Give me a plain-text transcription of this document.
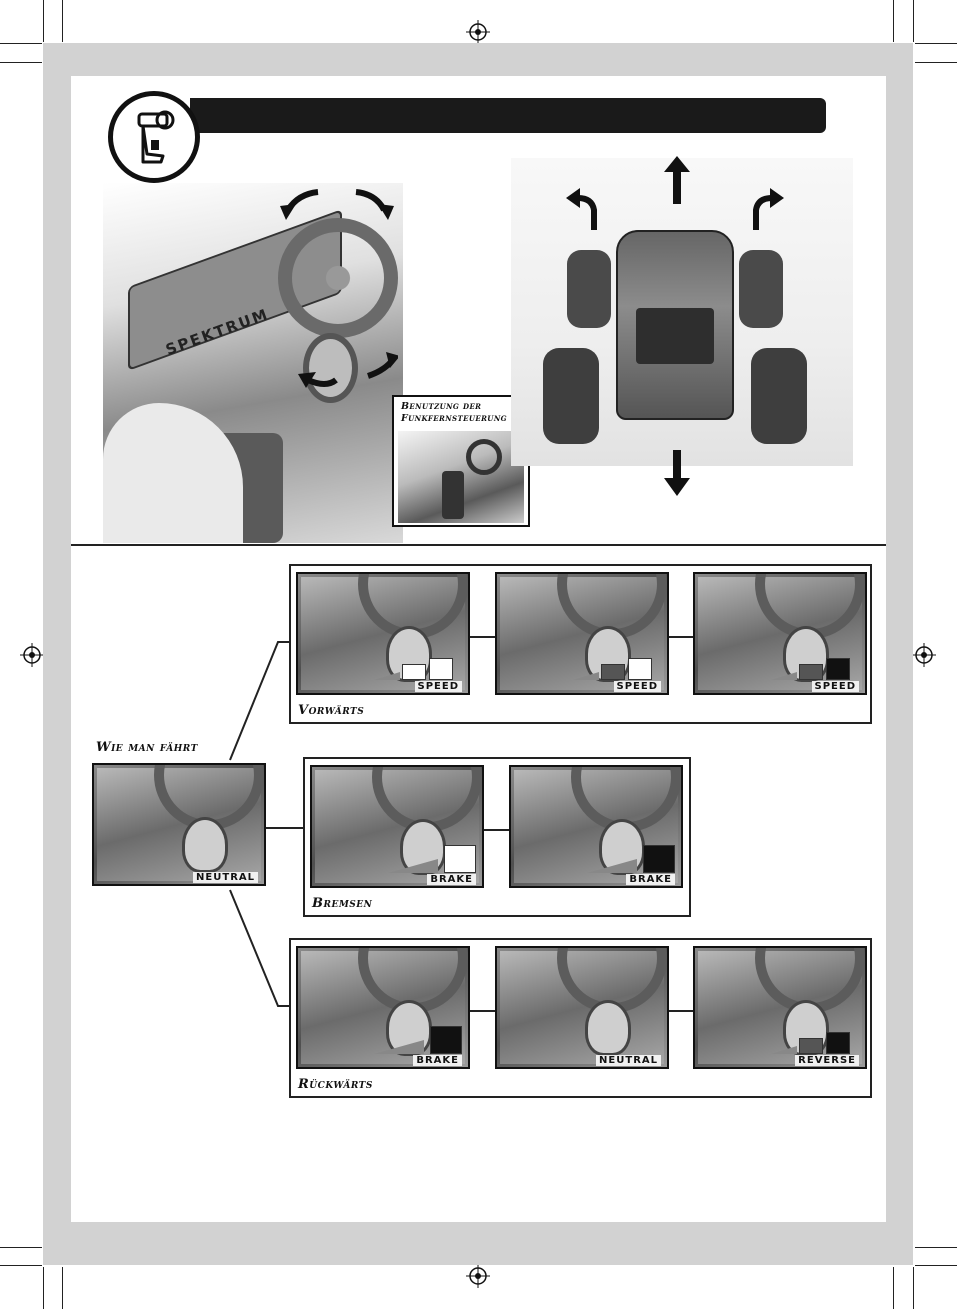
SPEKTRUM
Benutzung der
Funkfernsteuerung
Wie man fährt
NEUTRAL
SPEED	SPEED	SPEED
Vorwärts
BRAKE	BRAKE
Bremsen
BRAKE	NEUTRAL	REVERSE
Rückwärts
